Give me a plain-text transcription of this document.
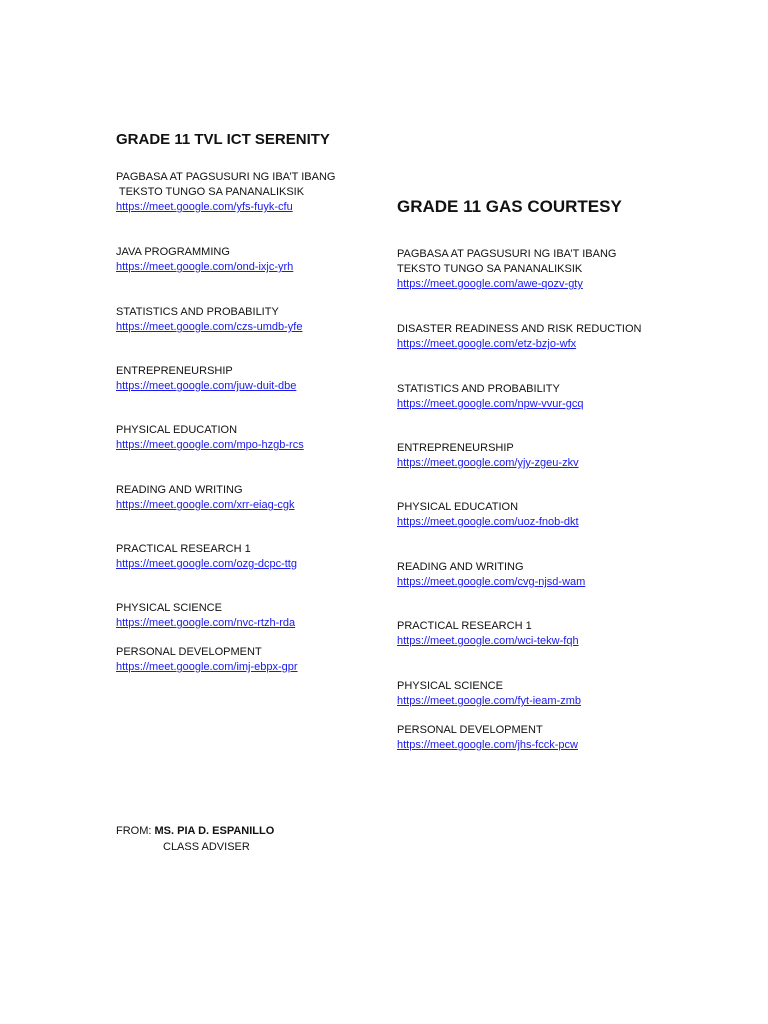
GRADE 11 TVL ICT SERENITY
PAGBASA AT PAGSUSURI NG IBA’T IBANG
TEKSTO TUNGO SA PANANALIKSIK
https://meet.google.com/yfs-fuyk-cfu
JAVA PROGRAMMING
https://meet.google.com/ond-ixjc-yrh
STATISTICS AND PROBABILITY
https://meet.google.com/czs-umdb-yfe
ENTREPRENEURSHIP
https://meet.google.com/juw-duit-dbe
PHYSICAL EDUCATION
https://meet.google.com/mpo-hzgb-rcs
READING AND WRITING
https://meet.google.com/xrr-eiag-cgk
PRACTICAL RESEARCH 1
https://meet.google.com/ozg-dcpc-ttg
PHYSICAL SCIENCE
https://meet.google.com/nvc-rtzh-rda
PERSONAL DEVELOPMENT
https://meet.google.com/imj-ebpx-gpr
GRADE 11 GAS COURTESY
PAGBASA AT PAGSUSURI NG IBA’T IBANG
TEKSTO TUNGO SA PANANALIKSIK
https://meet.google.com/awe-qozv-gty
DISASTER READINESS AND RISK REDUCTION
https://meet.google.com/etz-bzjo-wfx
STATISTICS AND PROBABILITY
https://meet.google.com/npw-vvur-gcq
ENTREPRENEURSHIP
https://meet.google.com/yjy-zgeu-zkv
PHYSICAL EDUCATION
https://meet.google.com/uoz-fnob-dkt
READING AND WRITING
https://meet.google.com/cvg-njsd-wam
PRACTICAL RESEARCH 1
https://meet.google.com/wci-tekw-fqh
PHYSICAL SCIENCE
https://meet.google.com/fyt-ieam-zmb
PERSONAL DEVELOPMENT
https://meet.google.com/jhs-fcck-pcw
FROM: MS. PIA D. ESPANILLO
CLASS ADVISER
